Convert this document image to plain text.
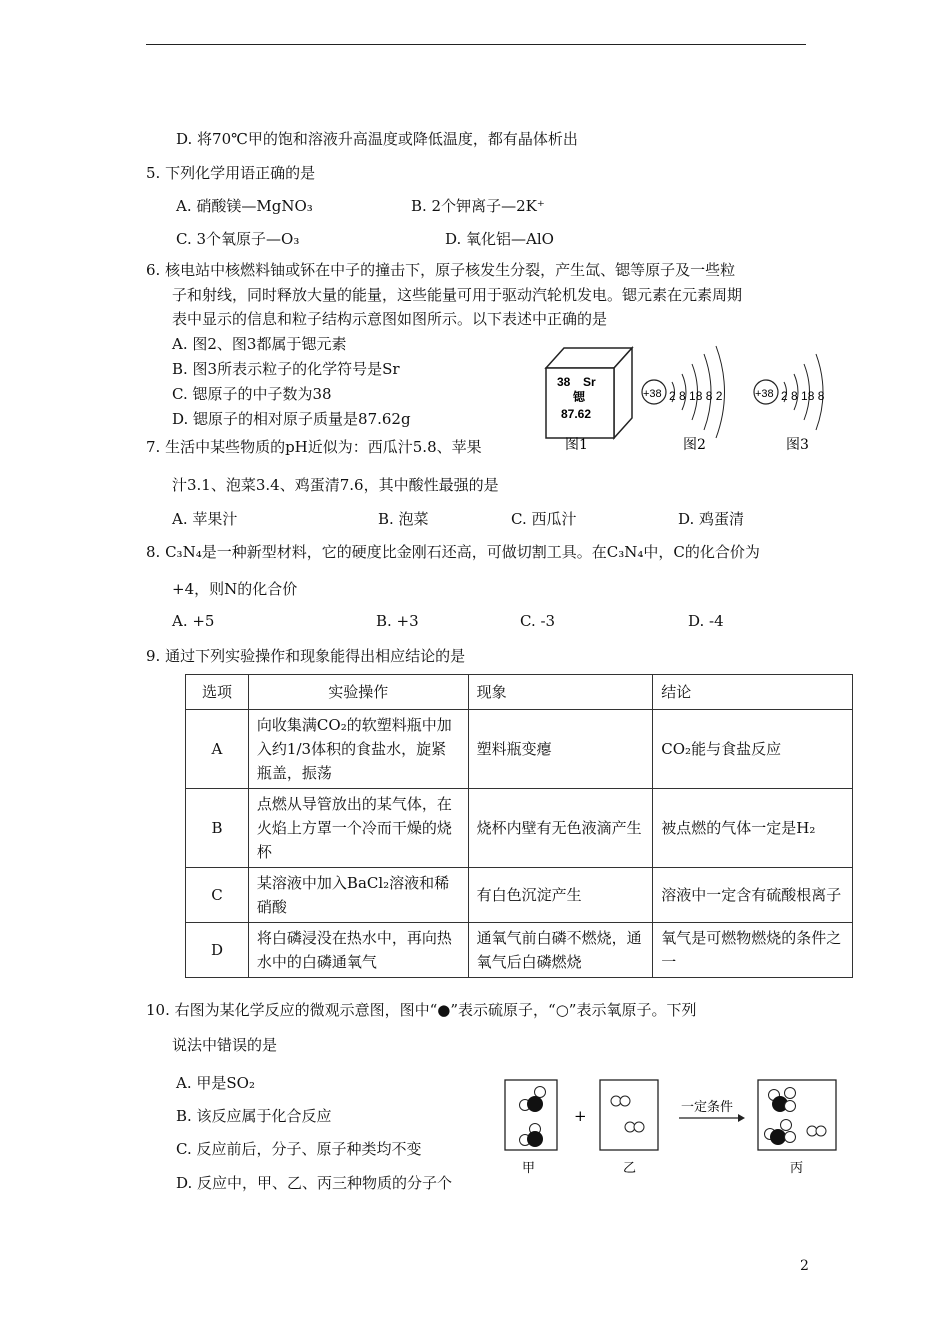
D. 将70℃甲的饱和溶液升高温度或降低温度，都有晶体析出
5. 下列化学用语正确的是
A. 硝酸镁—MgNO₃	B. 2个钾离子—2K⁺
C. 3个氧原子—O₃	D. 氧化铝—AlO
6. 核电站中核燃料铀或钚在中子的撞击下，原子核发生分裂，产生氙、锶等原子及一些粒
子和射线，同时释放大量的能量，这些能量可用于驱动汽轮机发电。锶元素在元素周期
表中显示的信息和粒子结构示意图如图所示。以下表述中正确的是
A. 图2、图3都属于锶元素
B. 图3所表示粒子的化学符号是Sr
C. 锶原子的中子数为38
D. 锶原子的相对原子质量是87.62g
38 Sr
锶
87.62
图1
+38 2 8 18 8 2
图2
+38 2 8 18 8
图3
7. 生活中某些物质的pH近似为：西瓜汁5.8、苹果
汁3.1、泡菜3.4、鸡蛋清7.6，其中酸性最强的是
A. 苹果汁	B. 泡菜	C. 西瓜汁	D. 鸡蛋清
8. C₃N₄是一种新型材料，它的硬度比金刚石还高，可做切割工具。在C₃N₄中，C的化合价为
+4，则N的化合价
A. +5	B. +3	C. -3	D. -4
9. 通过下列实验操作和现象能得出相应结论的是
选项	实验操作	现象	结论
A	向收集满CO₂的软塑料瓶中加入约1/3体积的食盐水，旋紧瓶盖，振荡	塑料瓶变瘪	CO₂能与食盐反应
B	点燃从导管放出的某气体，在火焰上方罩一个冷而干燥的烧杯	烧杯内壁有无色液滴产生	被点燃的气体一定是H₂
C	某溶液中加入BaCl₂溶液和稀硝酸	有白色沉淀产生	溶液中一定含有硫酸根离子
D	将白磷浸没在热水中，再向热水中的白磷通氧气	通氧气前白磷不燃烧，通氧气后白磷燃烧	氧气是可燃物燃烧的条件之一
10. 右图为某化学反应的微观示意图，图中“●”表示硫原子，“○”表示氧原子。下列
说法中错误的是
A. 甲是SO₂
B. 该反应属于化合反应
C. 反应前后，分子、原子种类均不变
D. 反应中，甲、乙、丙三种物质的分子个
+	一定条件
甲	乙	丙
2
